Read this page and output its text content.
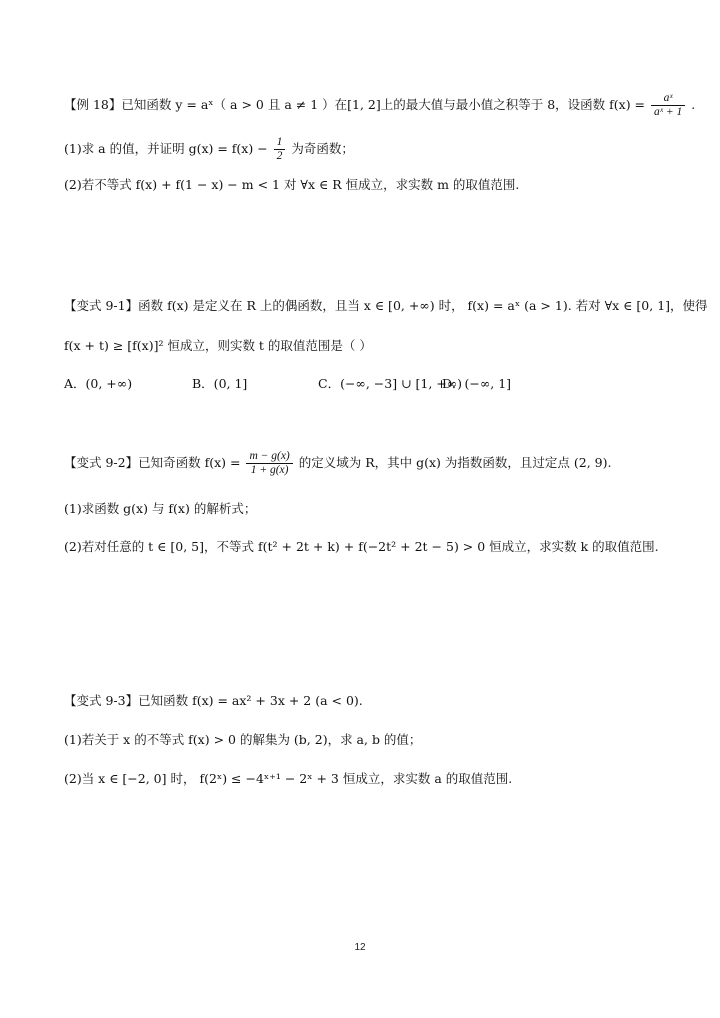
【例 18】已知函数 y = aˣ（ a > 0 且 a ≠ 1 ）在[1, 2]上的最大值与最小值之积等于 8，设函数 $f(x) = \frac{\text{aˣ}}{\text{aˣ + 1}}$ .
(1)求 a 的值，并证明 $g(x) = f(x) - \frac{1}{2}$ 为奇函数；
(2)若不等式 f(x) + f(1 − x) − m < 1 对 ∀x ∈ R 恒成立，求实数 m 的取值范围.
【变式 9-1】函数 f(x) 是定义在 R 上的偶函数，且当 x ∈ [0, +∞) 时， f(x) = aˣ (a > 1). 若对 ∀x ∈ [0, 1]，使得
f(x + t) ≥ [f(x)]² 恒成立，则实数 t 的取值范围是（ ）
A．(0, +∞)	B．(0, 1]	C．(−∞, −3] ∪ [1, +∞)
D．(−∞, 1]
【变式 9-2】已知奇函数 $f(x) = \frac{m - g(x)}{1 + g(x)}$ 的定义域为 R，其中 g(x) 为指数函数，且过定点 (2, 9).
(1)求函数 g(x) 与 f(x) 的解析式；
(2)若对任意的 t ∈ [0, 5]，不等式 f(t² + 2t + k) + f(−2t² + 2t − 5) > 0 恒成立，求实数 k 的取值范围.
【变式 9-3】已知函数 f(x) = ax² + 3x + 2 (a < 0).
(1)若关于 x 的不等式 f(x) > 0 的解集为 (b, 2)，求 a, b 的值；
(2)当 x ∈ [−2, 0] 时， f(2ˣ) ≤ −4ˣ⁺¹ − 2ˣ + 3 恒成立，求实数 a 的取值范围.
12
